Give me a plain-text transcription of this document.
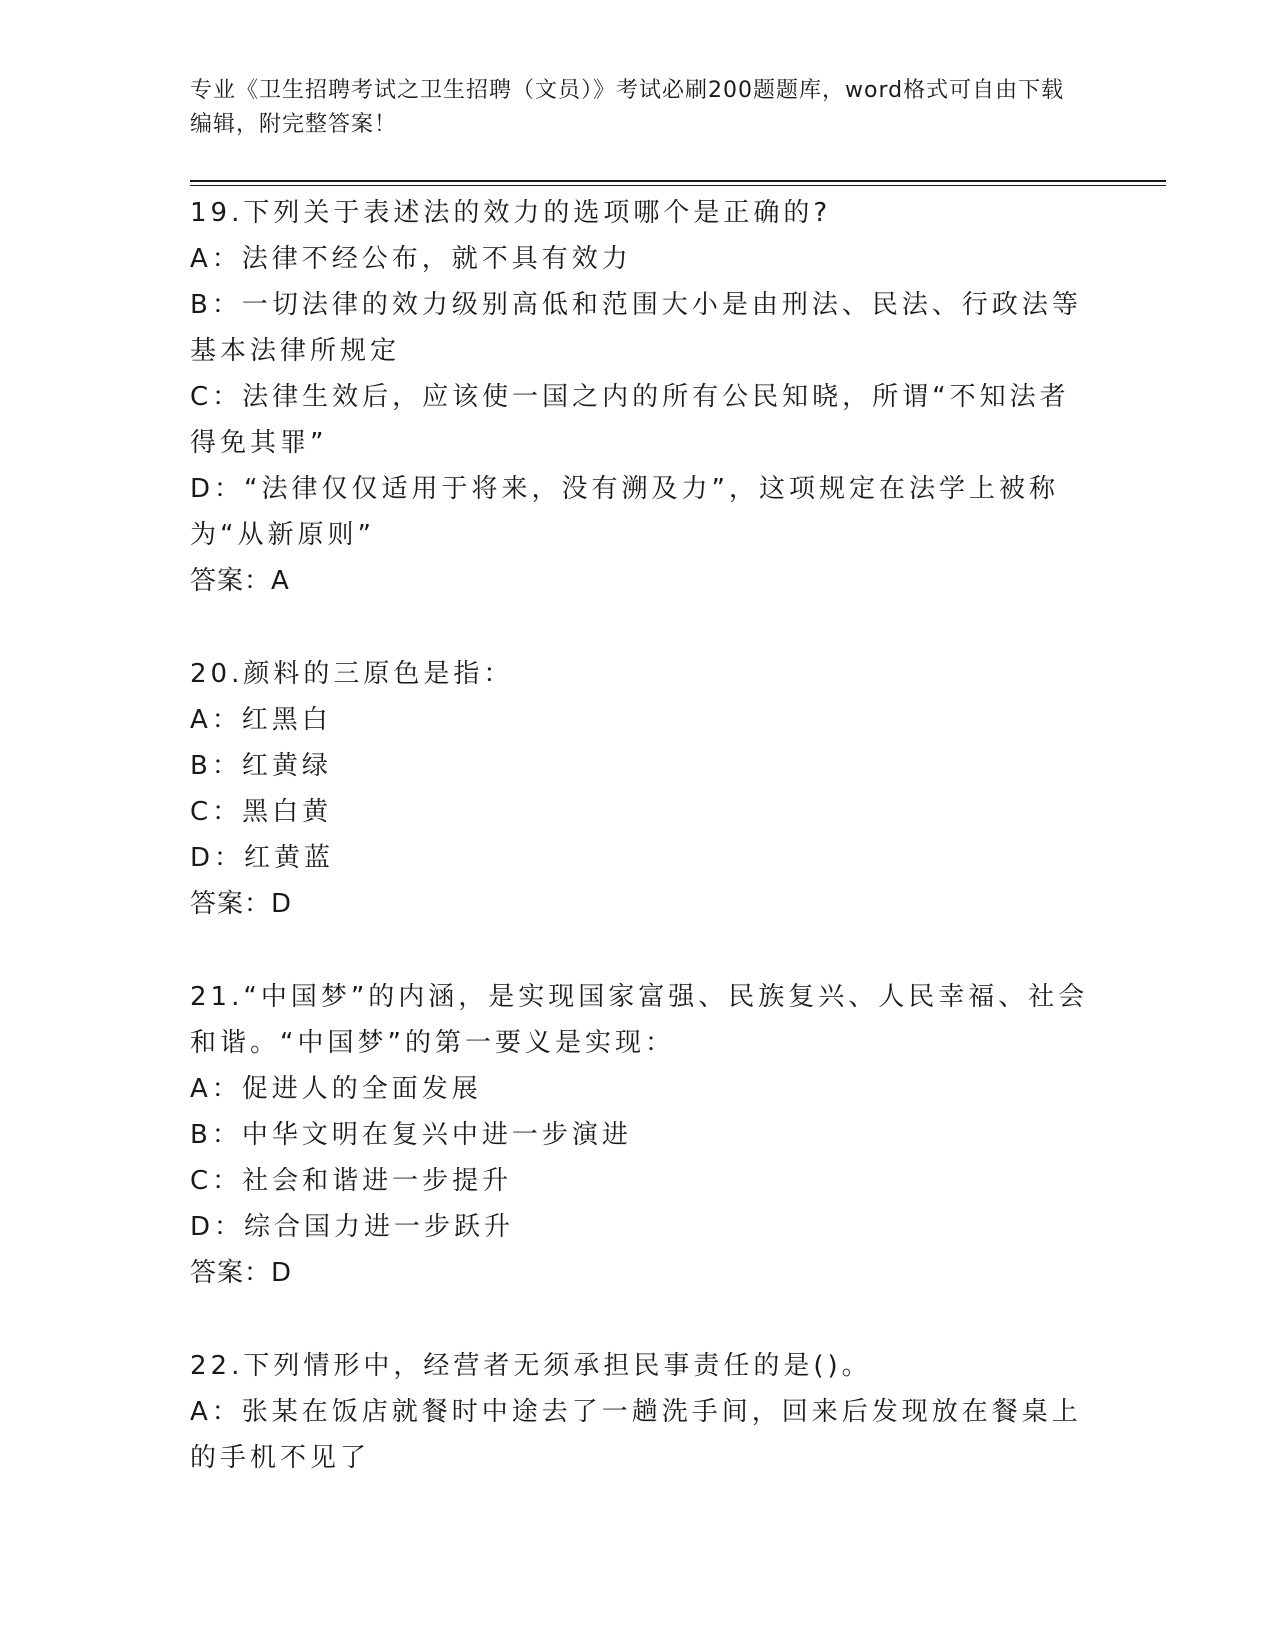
专业《卫生招聘考试之卫生招聘（文员）》考试必刷200题题库，word格式可自由下载编辑，附完整答案！

19.下列关于表述法的效力的选项哪个是正确的?

A：法律不经公布，就不具有效力

B：一切法律的效力级别高低和范围大小是由刑法、民法、行政法等基本法律所规定

C：法律生效后，应该使一国之内的所有公民知晓，所谓“不知法者得免其罪”

D：“法律仅仅适用于将来，没有溯及力”，这项规定在法学上被称为“从新原则”

答案：A

20.颜料的三原色是指：

A：红黑白

B：红黄绿

C：黑白黄

D：红黄蓝

答案：D

21.“中国梦”的内涵，是实现国家富强、民族复兴、人民幸福、社会和谐。“中国梦”的第一要义是实现：

A：促进人的全面发展

B：中华文明在复兴中进一步演进

C：社会和谐进一步提升

D：综合国力进一步跃升

答案：D

22.下列情形中，经营者无须承担民事责任的是()。

A：张某在饭店就餐时中途去了一趟洗手间，回来后发现放在餐桌上的手机不见了
